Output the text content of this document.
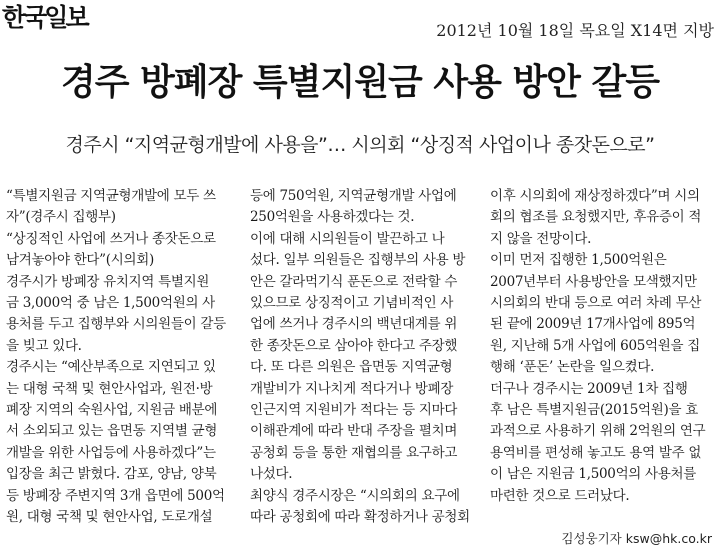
한국일보	2012년 10월 18일 목요일 X14면 지방
경주 방폐장 특별지원금 사용 방안 갈등
경주시 “지역균형개발에 사용을”… 시의회 “상징적 사업이나 종잣돈으로”
“특별지원금 지역균형개발에 모두 쓰
자”(경주시 집행부)
“상징적인 사업에 쓰거나 종잣돈으로
남겨놓아야 한다”(시의회)
경주시가 방폐장 유치지역 특별지원
금 3,000억 중 남은 1,500억원의 사
용처를 두고 집행부와 시의원들이 갈등
을 빚고 있다.
경주시는 “예산부족으로 지연되고 있
는 대형 국책 및 현안사업과, 원전·방
폐장 지역의 숙원사업, 지원금 배분에
서 소외되고 있는 읍면동 지역별 균형
개발을 위한 사업등에 사용하겠다”는
입장을 최근 밝혔다. 감포, 양남, 양북
등 방폐장 주변지역 3개 읍면에 500억
원, 대형 국책 및 현안사업, 도로개설
등에 750억원, 지역균형개발 사업에
250억원을 사용하겠다는 것.
이에 대해 시의원들이 발끈하고 나
섰다. 일부 의원들은 집행부의 사용 방
안은 갈라먹기식 푼돈으로 전락할 수
있으므로 상징적이고 기념비적인 사
업에 쓰거나 경주시의 백년대계를 위
한 종잣돈으로 삼아야 한다고 주장했
다. 또 다른 의원은 읍면동 지역균형
개발비가 지나치게 적다거나 방폐장
인근지역 지원비가 적다는 등 지마다
이해관계에 따라 반대 주장을 펼치며
공청회 등을 통한 재협의를 요구하고
나섰다.
최양식 경주시장은 “시의회의 요구에
따라 공청회에 따라 확정하거나 공청회
이후 시의회에 재상정하겠다”며 시의
회의 협조를 요청했지만, 후유증이 적
지 않을 전망이다.
이미 먼저 집행한 1,500억원은
2007년부터 사용방안을 모색했지만
시의회의 반대 등으로 여러 차례 무산
된 끝에 2009년 17개사업에 895억
원, 지난해 5개 사업에 605억원을 집
행해 ‘푼돈’ 논란을 일으켰다.
더구나 경주시는 2009년 1차 집행
후 남은 특별지원금(2015억원)을 효
과적으로 사용하기 위해 2억원의 연구
용역비를 편성해 놓고도 용역 발주 없
이 남은 지원금 1,500억의 사용처를
마련한 것으로 드러났다.
김성웅기자 ksw@hk.co.kr
